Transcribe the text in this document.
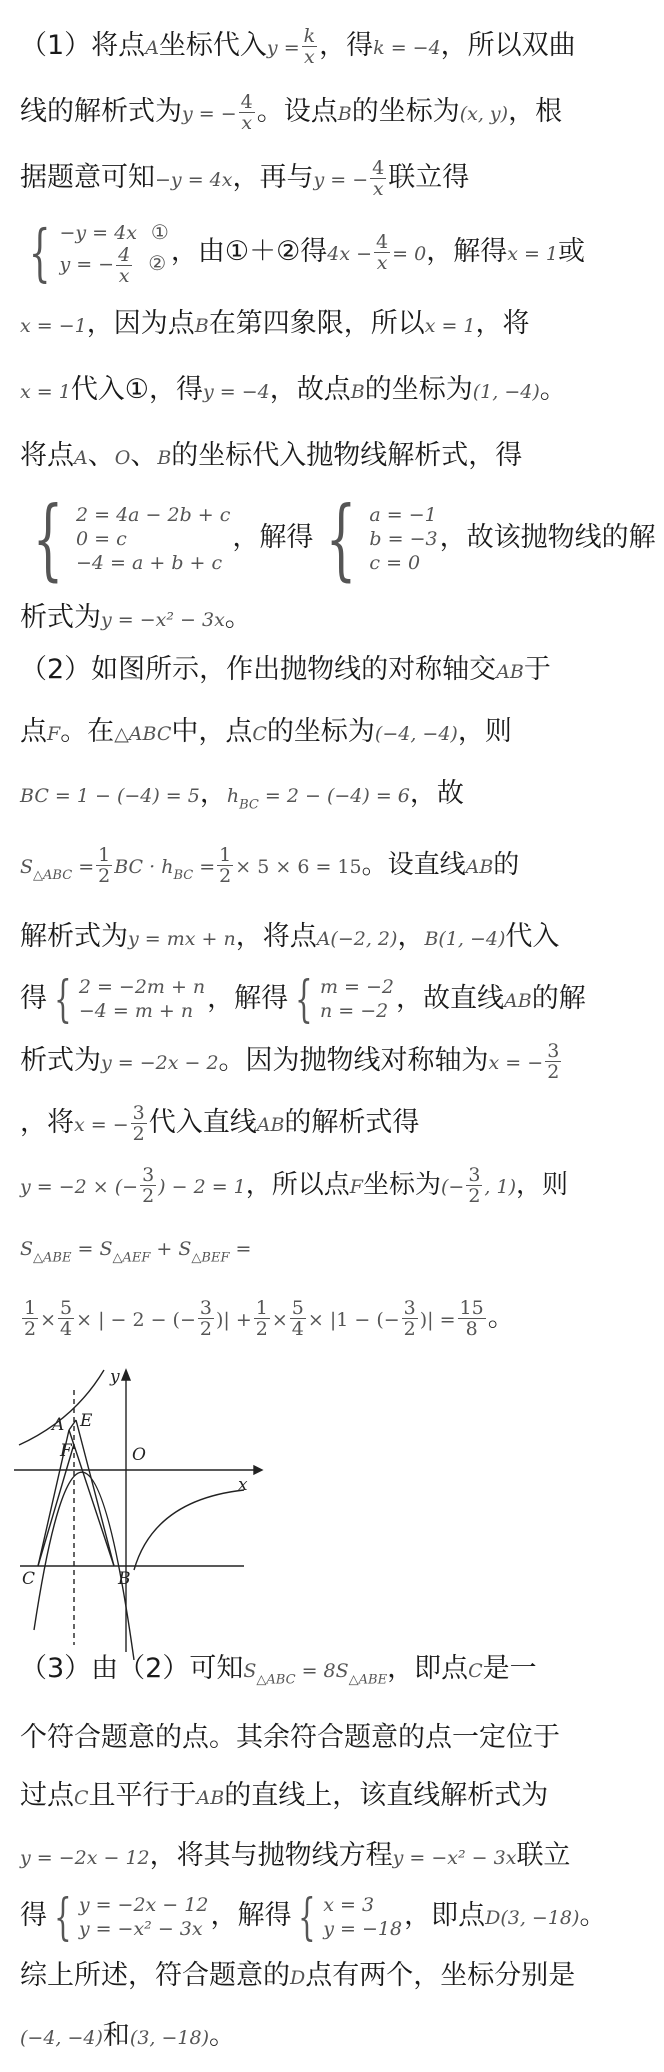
（1）将点A坐标代入$y = \frac{k}{x}$ ，得k = −4，所以双曲

线的解析式为y = − $\frac{4}{x}$ 。设点B的坐标为(x, y)，根

据题意可知−y = 4x，再与y = − $\frac{4}{x}$ 联立得

{ −y = 4x ①
y = − $\frac{4}{x}$ ② ，由①＋②得$4x - \frac{4}{x} = 0$，解得x = 1或

x = −1，因为点B在第四象限，所以x = 1，将

x = 1代入①，得y = −4，故点B的坐标为(1, −4)。

将点A、O、B的坐标代入抛物线解析式，得

{ 2 = 4a − 2b + c
0 = c
−4 = a + b + c
，解得 { a = −1
b = −3
c = 0
，故该抛物线的解

析式为y = −x² − 3x。

（2）如图所示，作出抛物线的对称轴交AB于

点F。在△ABC中，点C的坐标为(−4, −4)，则

BC = 1 − (−4) = 5，$h_{BC} = 2 - (-4) = 6$，故

$S_{\triangle ABC} = \frac{1}{2}$ BC · $h_{BC} = \frac{1}{2} \times 5 \times 6 = 15$。设直线AB的

解析式为y = mx + n，将点A(−2, 2)，B(1, −4)代入

得 { 2 = −2m + n
−4 = m + n ，解得 { m = −2
n = −2 ，故直线AB的解

析式为y = −2x − 2。因为抛物线对称轴为x = − $\frac{3}{2}$

，将x = − $\frac{3}{2}$ 代入直线AB的解析式得

y = −2 × (− $\frac{3}{2}$ ) − 2 = 1，所以点F坐标为(− $\frac{3}{2}$ , 1)，则

$S_{\triangle ABE} = S_{\triangle AEF} + S_{\triangle BEF}$ =

$\frac{1}{2} \times \frac{5}{4}$ × | − 2 − (− $\frac{3}{2}$ )| + $\frac{1}{2} \times \frac{5}{4} \times |1$ − (− $\frac{3}{2}$ )| = $\frac{15}{8}$ 。

y
x
A E
F	O
C	B

（3）由（2）可知$S_{\triangle ABC} = 8S_{\triangle ABE}$，即点C是一

个符合题意的点。其余符合题意的点一定位于

过点C且平行于AB的直线上，该直线解析式为

y = −2x − 12，将其与抛物线方程y = −x² − 3x联立

得 { y = −2x − 12
y = −x² − 3x ，解得 { x = 3
y = −18 ，即点D(3, −18)。

综上所述，符合题意的D点有两个，坐标分别是

(−4, −4)和(3, −18)。
